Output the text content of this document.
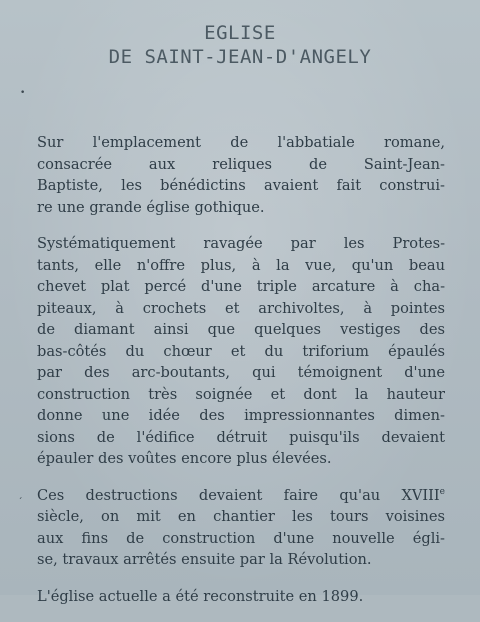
EGLISE
DE SAINT-JEAN-D'ANGELY
•
ˏ

Sur l'emplacement de l'abbatiale romane,
consacrée aux reliques de Saint-Jean-
Baptiste, les bénédictins avaient fait construi-
re une grande église gothique.

Systématiquement ravagée par les Protes-
tants, elle n'offre plus, à la vue, qu'un beau
chevet plat percé d'une triple arcature à cha-
piteaux, à crochets et archivoltes, à pointes
de diamant ainsi que quelques vestiges des
bas-côtés du chœur et du triforium épaulés
par des arc-boutants, qui témoignent d'une
construction très soignée et dont la hauteur
donne une idée des impressionnantes dimen-
sions de l'édifice détruit puisqu'ils devaient
épauler des voûtes encore plus élevées.

Ces destructions devaient faire qu'au XVIIIe
siècle, on mit en chantier les tours voisines
aux fins de construction d'une nouvelle égli-
se, travaux arrêtés ensuite par la Révolution.

L'église actuelle a été reconstruite en 1899.
